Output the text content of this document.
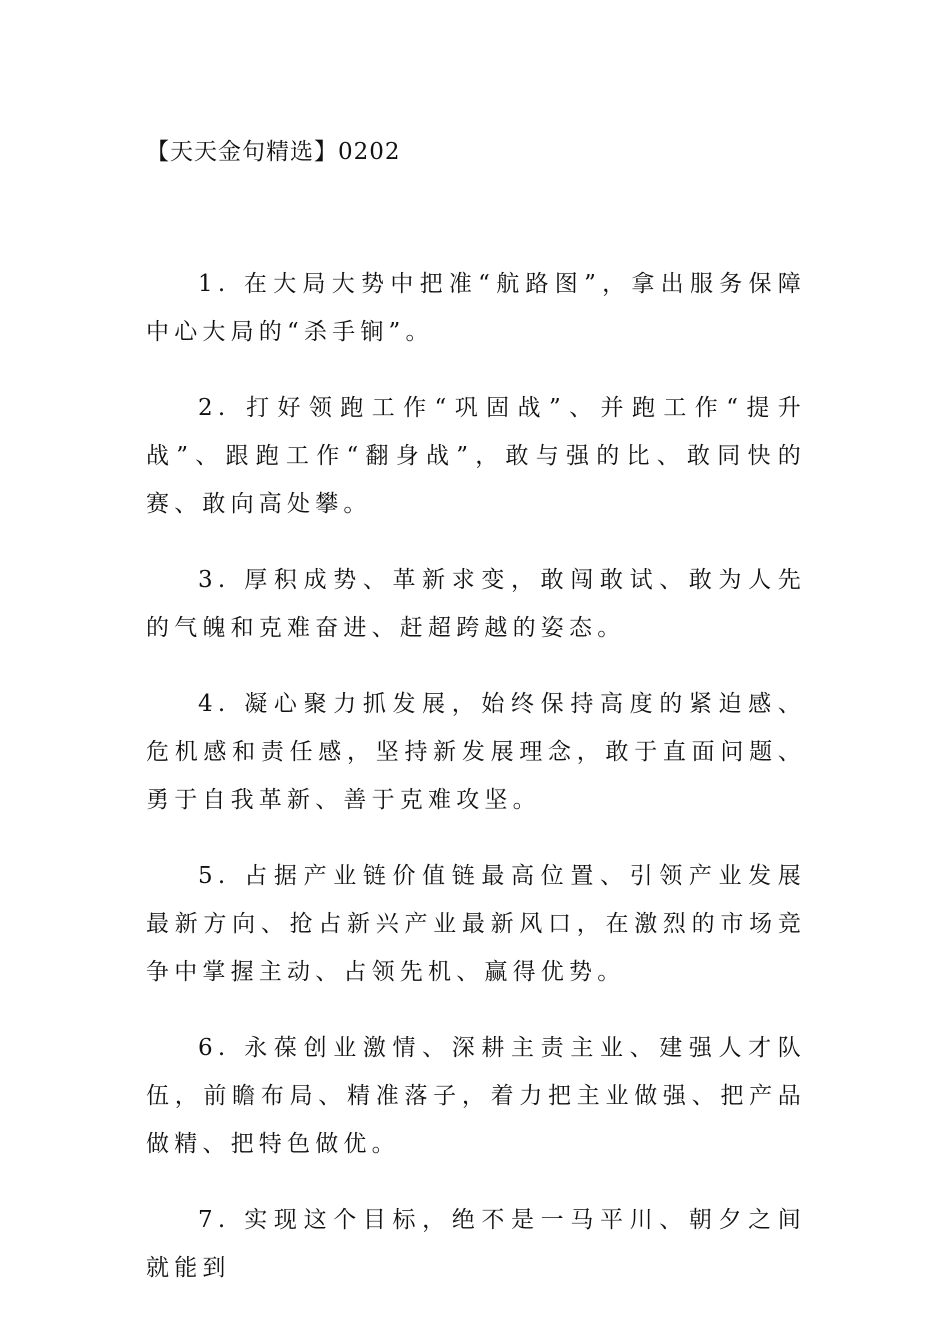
【天天金句精选】0202

1. 在大局大势中把准“航路图”，拿出服务保障中心大局的“杀手锏”。

2. 打好领跑工作“巩固战”、并跑工作“提升战”、跟跑工作“翻身战”，敢与强的比、敢同快的赛、敢向高处攀。

3. 厚积成势、革新求变，敢闯敢试、敢为人先的气魄和克难奋进、赶超跨越的姿态。

4. 凝心聚力抓发展，始终保持高度的紧迫感、危机感和责任感，坚持新发展理念，敢于直面问题、勇于自我革新、善于克难攻坚。

5. 占据产业链价值链最高位置、引领产业发展最新方向、抢占新兴产业最新风口，在激烈的市场竞争中掌握主动、占领先机、赢得优势。

6. 永葆创业激情、深耕主责主业、建强人才队伍，前瞻布局、精准落子，着力把主业做强、把产品做精、把特色做优。

7. 实现这个目标，绝不是一马平川、朝夕之间就能到
